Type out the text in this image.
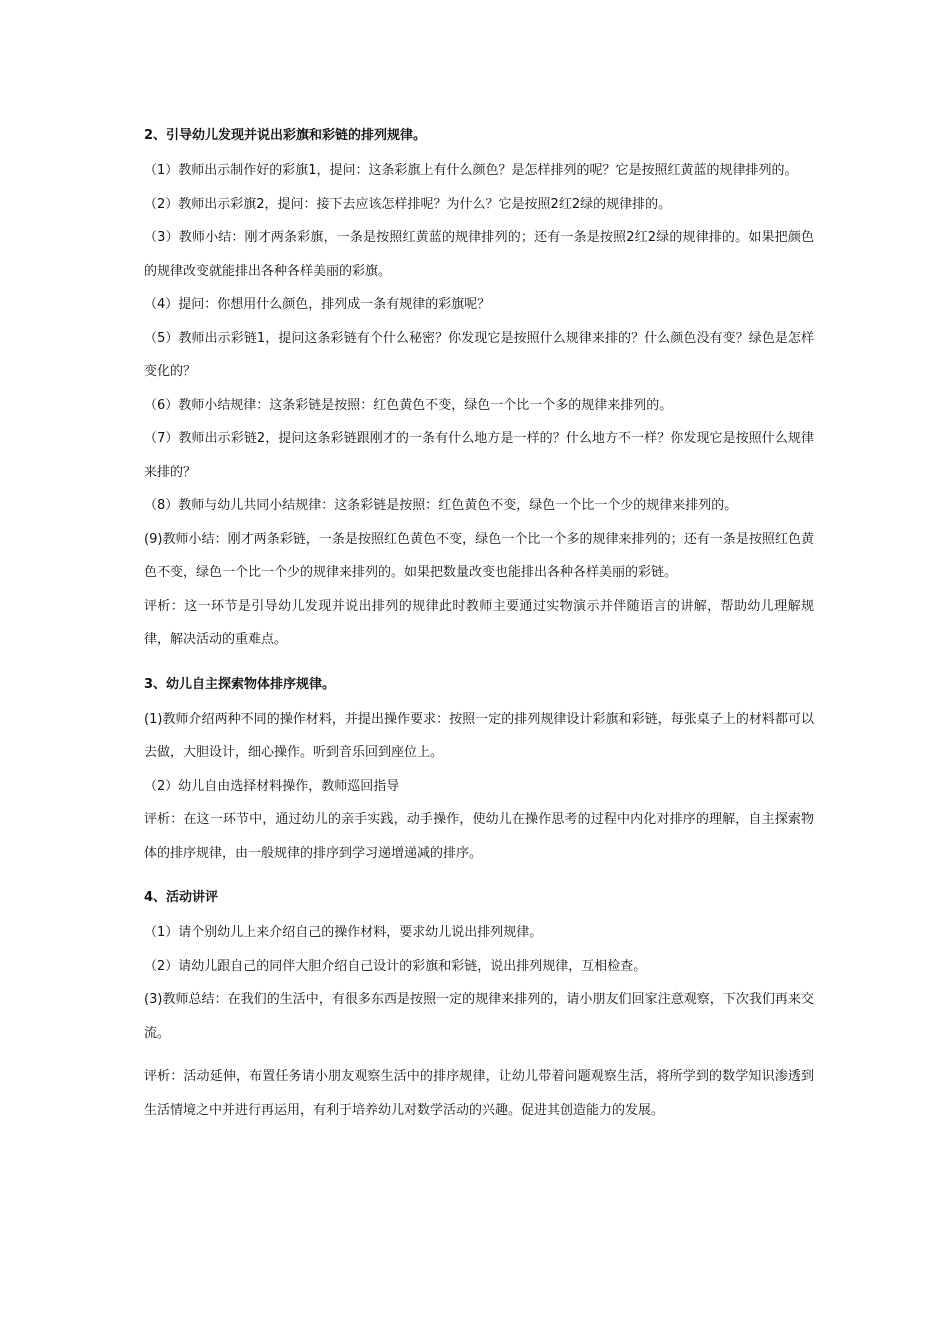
2、引导幼儿发现并说出彩旗和彩链的排列规律。

（1）教师出示制作好的彩旗1，提问：这条彩旗上有什么颜色？是怎样排列的呢？它是按照红黄蓝的规律排列的。

（2）教师出示彩旗2，提问：接下去应该怎样排呢？为什么？它是按照2红2绿的规律排的。

（3）教师小结：刚才两条彩旗，一条是按照红黄蓝的规律排列的；还有一条是按照2红2绿的规律排的。如果把颜色的规律改变就能排出各种各样美丽的彩旗。

（4）提问：你想用什么颜色，排列成一条有规律的彩旗呢？

（5）教师出示彩链1，提问这条彩链有个什么秘密？你发现它是按照什么规律来排的？什么颜色没有变？绿色是怎样变化的？

（6）教师小结规律：这条彩链是按照：红色黄色不变，绿色一个比一个多的规律来排列的。

（7）教师出示彩链2，提问这条彩链跟刚才的一条有什么地方是一样的？什么地方不一样？你发现它是按照什么规律来排的？

（8）教师与幼儿共同小结规律：这条彩链是按照：红色黄色不变，绿色一个比一个少的规律来排列的。

(9)教师小结：刚才两条彩链，一条是按照红色黄色不变，绿色一个比一个多的规律来排列的；还有一条是按照红色黄色不变，绿色一个比一个少的规律来排列的。如果把数量改变也能排出各种各样美丽的彩链。

评析：这一环节是引导幼儿发现并说出排列的规律此时教师主要通过实物演示并伴随语言的讲解，帮助幼儿理解规律，解决活动的重难点。

3、幼儿自主探索物体排序规律。

(1)教师介绍两种不同的操作材料，并提出操作要求：按照一定的排列规律设计彩旗和彩链，每张桌子上的材料都可以去做，大胆设计，细心操作。听到音乐回到座位上。

（2）幼儿自由选择材料操作，教师巡回指导

评析：在这一环节中，通过幼儿的亲手实践，动手操作，使幼儿在操作思考的过程中内化对排序的理解，自主探索物体的排序规律，由一般规律的排序到学习递增递减的排序。

4、活动讲评

（1）请个别幼儿上来介绍自己的操作材料，要求幼儿说出排列规律。

（2）请幼儿跟自己的同伴大胆介绍自己设计的彩旗和彩链，说出排列规律，互相检查。

(3)教师总结：在我们的生活中，有很多东西是按照一定的规律来排列的，请小朋友们回家注意观察，下次我们再来交流。

评析：活动延伸，布置任务请小朋友观察生活中的排序规律，让幼儿带着问题观察生活，将所学到的数学知识渗透到生活情境之中并进行再运用，有利于培养幼儿对数学活动的兴趣。促进其创造能力的发展。
